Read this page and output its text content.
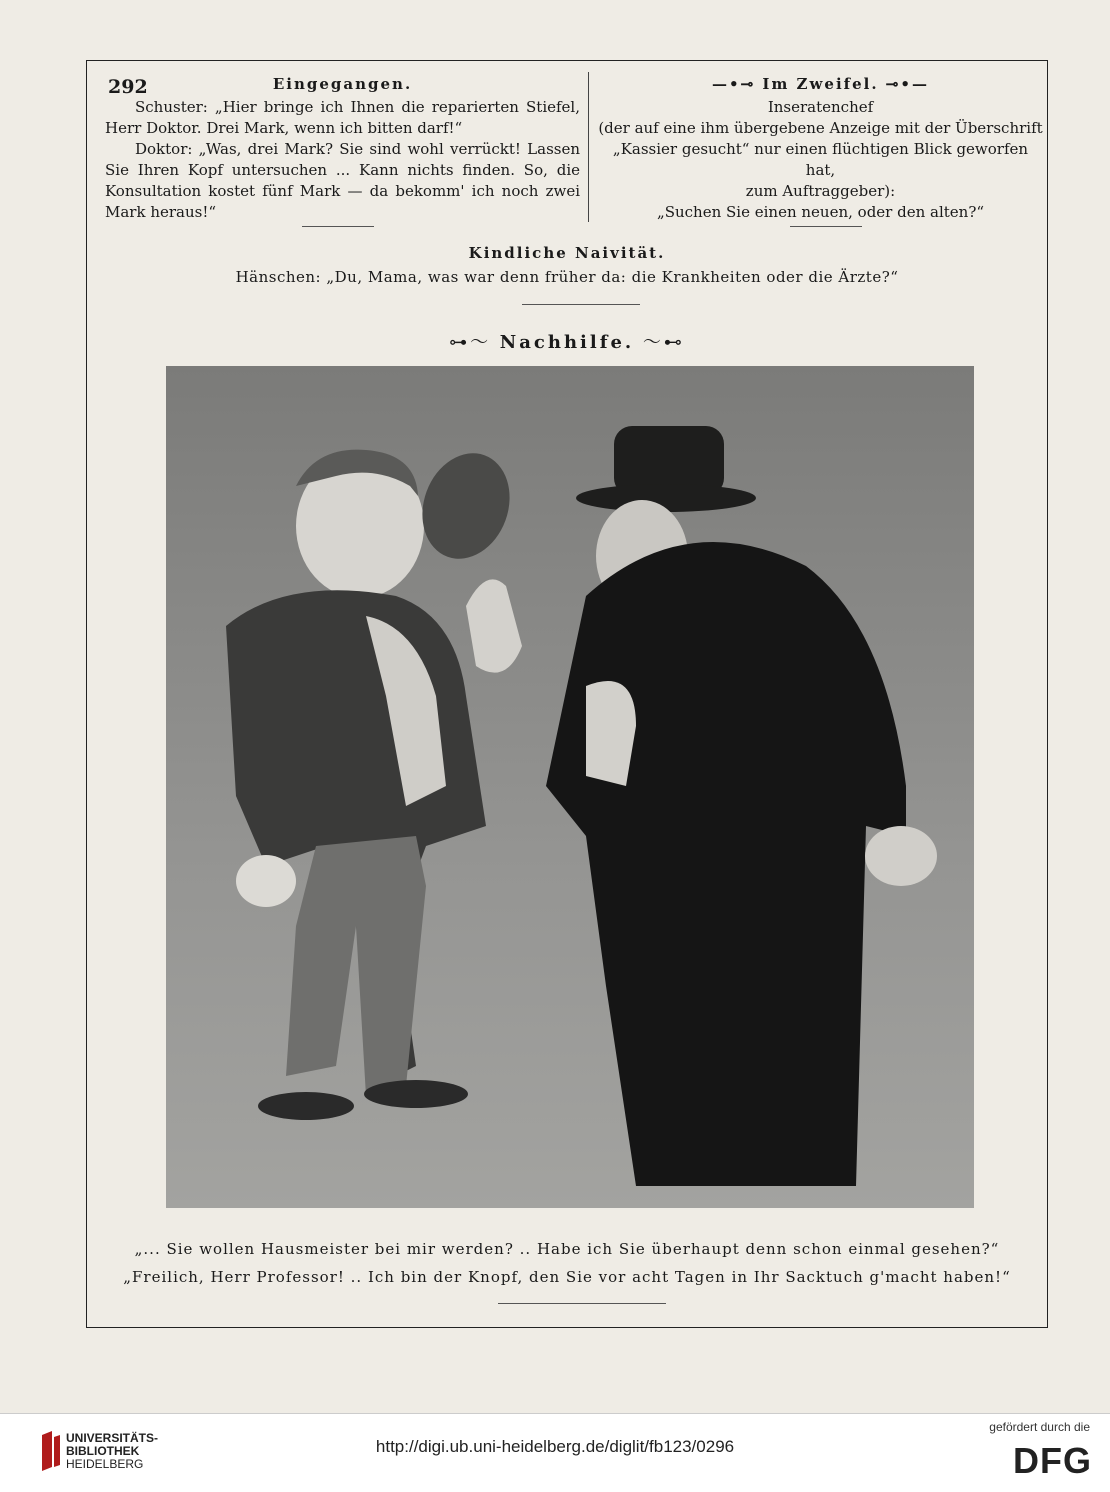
292	Eingegangen.

Schuster: „Hier bringe ich Ihnen die reparierten Stiefel, Herr Doktor. Drei Mark, wenn ich bitten darf!“

Doktor: „Was, drei Mark? Sie sind wohl verrückt! Lassen Sie Ihren Kopf untersuchen ... Kann nichts finden. So, die Konsultation kostet fünf Mark — da bekomm' ich noch zwei Mark heraus!“

—•⊸ Im Zweifel. ⊸•—
Inseratenchef
(der auf eine ihm übergebene Anzeige mit der Überschrift „Kassier gesucht“ nur einen flüchtigen Blick geworfen hat,
zum Auftraggeber):
„Suchen Sie einen neuen, oder den alten?“
Kindliche Naivität.
Hänschen: „Du, Mama, was war denn früher da: die Krankheiten oder die Ärzte?“
⊶〜 Nachhilfe. 〜⊷
„... Sie wollen Hausmeister bei mir werden? .. Habe ich Sie überhaupt denn schon einmal gesehen?“
„Freilich, Herr Professor! .. Ich bin der Knopf, den Sie vor acht Tagen in Ihr Sacktuch g'macht haben!“
UNIVERSITÄTS-
BIBLIOTHEK
HEIDELBERG
http://digi.ub.uni-heidelberg.de/diglit/fb123/0296
gefördert durch die
DFG
